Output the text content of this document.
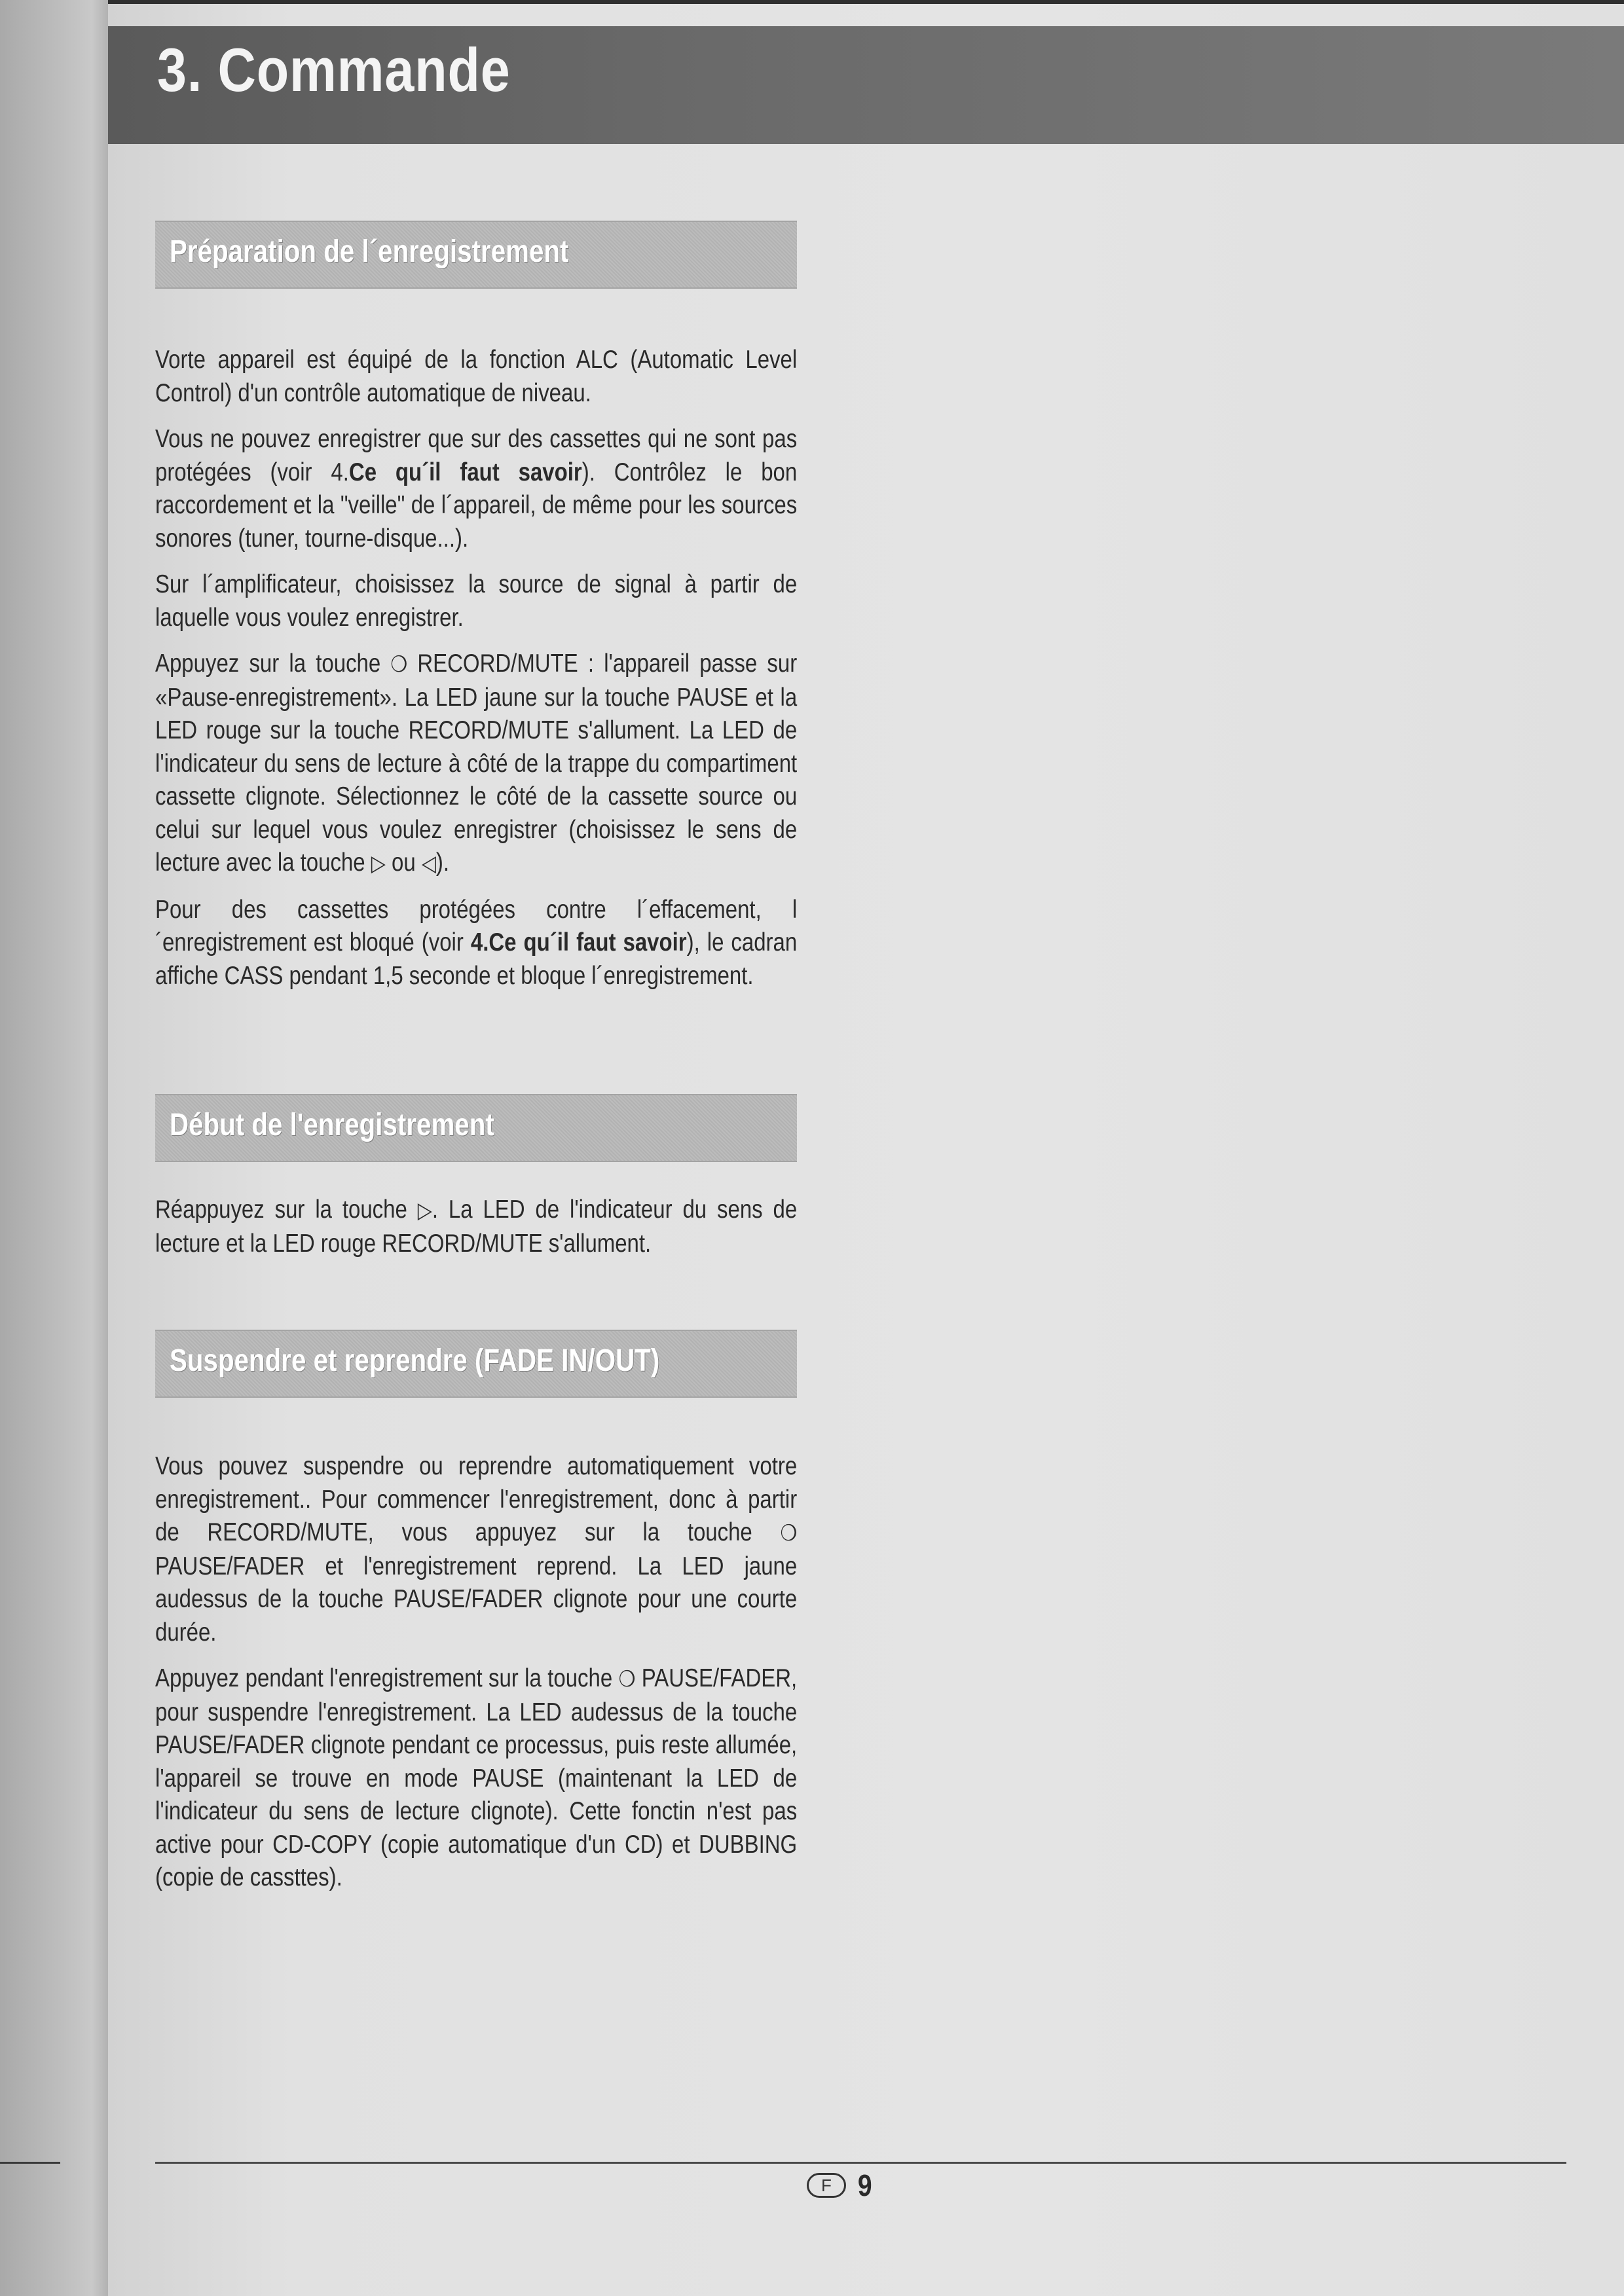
3. Commande
Préparation de l´enregistrement

Vorte appareil est équipé de la fonction ALC (Automatic Level Control) d'un contrôle automatique de niveau.

Vous ne pouvez enregistrer que sur des cassettes qui ne sont pas protégées (voir 4.Ce qu´il faut savoir). Contrôlez le bon raccordement et la "veille" de l´appareil, de même pour les sources sonores (tuner, tourne-disque...).

Sur l´amplificateur, choisissez la source de signal à partir de laquelle vous voulez enregistrer.

Appuyez sur la touche ❍ RECORD/MUTE : l'appareil passe sur «Pause-enregistrement». La LED jaune sur la touche PAUSE et la LED rouge sur la touche RECORD/MUTE s'allument. La LED de l'indicateur du sens de lecture à côté de la trappe du compartiment cassette clignote. Sélectionnez le côté de la cassette source ou celui sur lequel vous voulez enregistrer (choisissez le sens de lecture avec la touche ▷ ou ◁).

Pour des cassettes protégées contre l´effacement, l´enregistrement est bloqué (voir 4.Ce qu´il faut savoir), le cadran affiche CASS pendant 1,5 seconde et bloque l´enregistrement.

Début de l'enregistrement

Réappuyez sur la touche ▷. La LED de l'indicateur du sens de lecture et la LED rouge RECORD/MUTE s'allument.

Suspendre et reprendre (FADE IN/OUT)

Vous pouvez suspendre ou reprendre automatiquement votre enregistrement.. Pour commencer l'enregistrement, donc à partir de RECORD/MUTE, vous appuyez sur la touche ❍ PAUSE/FADER et l'enregistrement reprend. La LED jaune audessus de la touche PAUSE/FADER clignote pour une courte durée.

Appuyez pendant l'enregistrement sur la touche ❍ PAUSE/FADER, pour suspendre l'enregistrement. La LED audessus de la touche PAUSE/FADER clignote pendant ce processus, puis reste allumée, l'appareil se trouve en mode PAUSE (maintenant la LED de l'indicateur du sens de lecture clignote). Cette fonctin n'est pas active pour CD-COPY (copie automatique d'un CD) et DUBBING (copie de cassttes).

F 9
